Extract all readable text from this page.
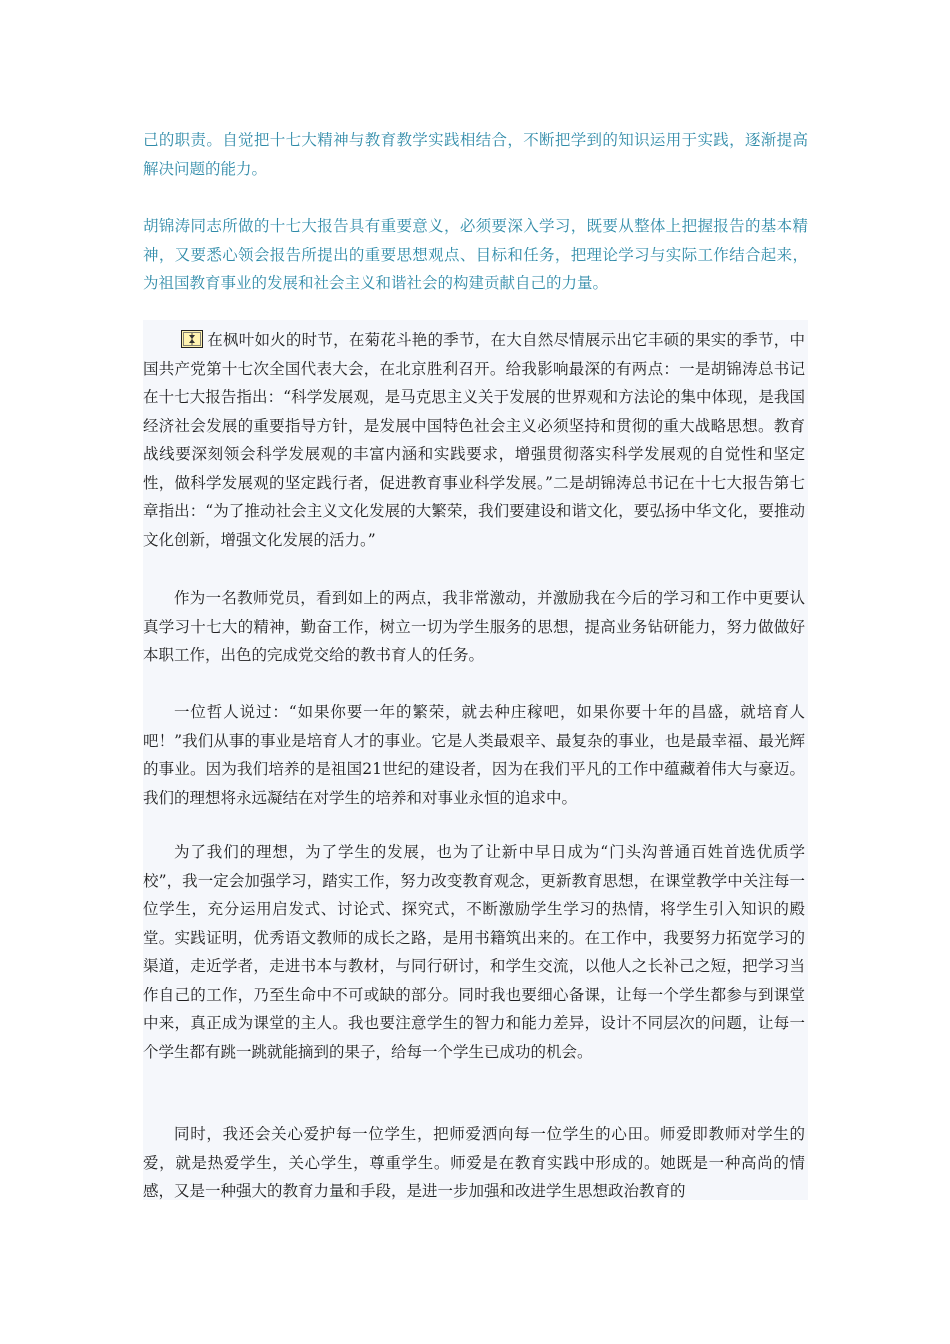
己的职责。自觉把十七大精神与教育教学实践相结合，不断把学到的知识运用于实践，逐渐提高解决问题的能力。

胡锦涛同志所做的十七大报告具有重要意义，必须要深入学习，既要从整体上把握报告的基本精神，又要悉心领会报告所提出的重要思想观点、目标和任务，把理论学习与实际工作结合起来，为祖国教育事业的发展和社会主义和谐社会的构建贡献自己的力量。

在枫叶如火的时节，在菊花斗艳的季节，在大自然尽情展示出它丰硕的果实的季节，中国共产党第十七次全国代表大会，在北京胜利召开。给我影响最深的有两点：一是胡锦涛总书记在十七大报告指出：“科学发展观，是马克思主义关于发展的世界观和方法论的集中体现，是我国经济社会发展的重要指导方针，是发展中国特色社会主义必须坚持和贯彻的重大战略思想。教育战线要深刻领会科学发展观的丰富内涵和实践要求，增强贯彻落实科学发展观的自觉性和坚定性，做科学发展观的坚定践行者，促进教育事业科学发展。”二是胡锦涛总书记在十七大报告第七章指出：“为了推动社会主义文化发展的大繁荣，我们要建设和谐文化，要弘扬中华文化，要推动文化创新，增强文化发展的活力。”

作为一名教师党员，看到如上的两点，我非常激动，并激励我在今后的学习和工作中更要认真学习十七大的精神，勤奋工作，树立一切为学生服务的思想，提高业务钻研能力，努力做做好本职工作，出色的完成党交给的教书育人的任务。

一位哲人说过：“如果你要一年的繁荣，就去种庄稼吧，如果你要十年的昌盛，就培育人吧！”我们从事的事业是培育人才的事业。它是人类最艰辛、最复杂的事业，也是最幸福、最光辉的事业。因为我们培养的是祖国21世纪的建设者，因为在我们平凡的工作中蕴藏着伟大与豪迈。我们的理想将永远凝结在对学生的培养和对事业永恒的追求中。

为了我们的理想，为了学生的发展，也为了让新中早日成为“门头沟普通百姓首选优质学校”，我一定会加强学习，踏实工作，努力改变教育观念，更新教育思想，在课堂教学中关注每一位学生，充分运用启发式、讨论式、探究式，不断激励学生学习的热情，将学生引入知识的殿堂。实践证明，优秀语文教师的成长之路，是用书籍筑出来的。在工作中，我要努力拓宽学习的渠道，走近学者，走进书本与教材，与同行研讨，和学生交流，以他人之长补己之短，把学习当作自己的工作，乃至生命中不可或缺的部分。同时我也要细心备课，让每一个学生都参与到课堂中来，真正成为课堂的主人。我也要注意学生的智力和能力差异，设计不同层次的问题，让每一个学生都有跳一跳就能摘到的果子，给每一个学生已成功的机会。

同时，我还会关心爱护每一位学生，把师爱洒向每一位学生的心田。师爱即教师对学生的爱，就是热爱学生，关心学生，尊重学生。师爱是在教育实践中形成的。她既是一种高尚的情感，又是一种强大的教育力量和手段，是进一步加强和改进学生思想政治教育的
